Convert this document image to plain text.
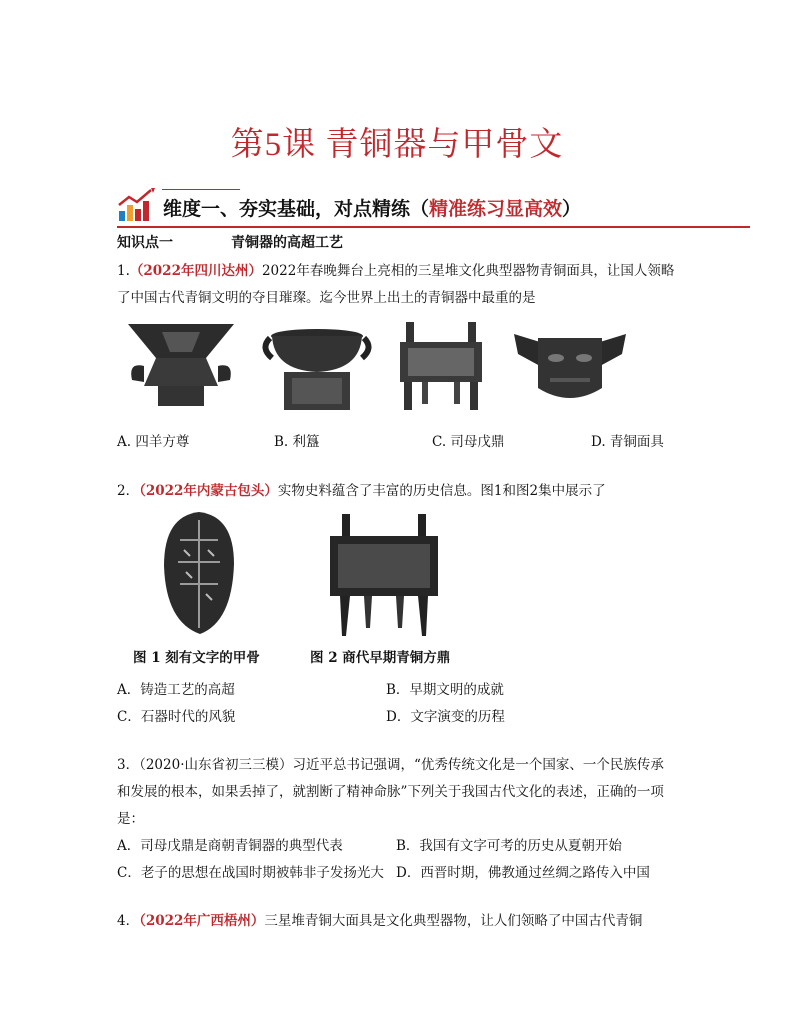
第5课 青铜器与甲骨文
维度一、夯实基础，对点精练（精准练习显高效）
知识点一	青铜器的高超工艺
1.（2022年四川达州）2022年春晚舞台上亮相的三星堆文化典型器物青铜面具，让国人领略了中国古代青铜文明的夺目璀璨。迄今世界上出土的青铜器中最重的是
A. 四羊方尊	B. 利簋	C. 司母戊鼎	D. 青铜面具
2．（2022年内蒙古包头）实物史料蕴含了丰富的历史信息。图1和图2集中展示了
图 1 刻有文字的甲骨	图 2 商代早期青铜方鼎
A．铸造工艺的高超	B．早期文明的成就
C．石器时代的风貌	D．文字演变的历程
3．（2020·山东省初三三模）习近平总书记强调，“优秀传统文化是一个国家、一个民族传承和发展的根本，如果丢掉了，就割断了精神命脉”下列关于我国古代文化的表述，正确的一项是：
A．司母戊鼎是商朝青铜器的典型代表	B．我国有文字可考的历史从夏朝开始
C．老子的思想在战国时期被韩非子发扬光大 D．西晋时期，佛教通过丝绸之路传入中国
4．（2022年广西梧州）三星堆青铜大面具是文化典型器物，让人们领略了中国古代青铜
